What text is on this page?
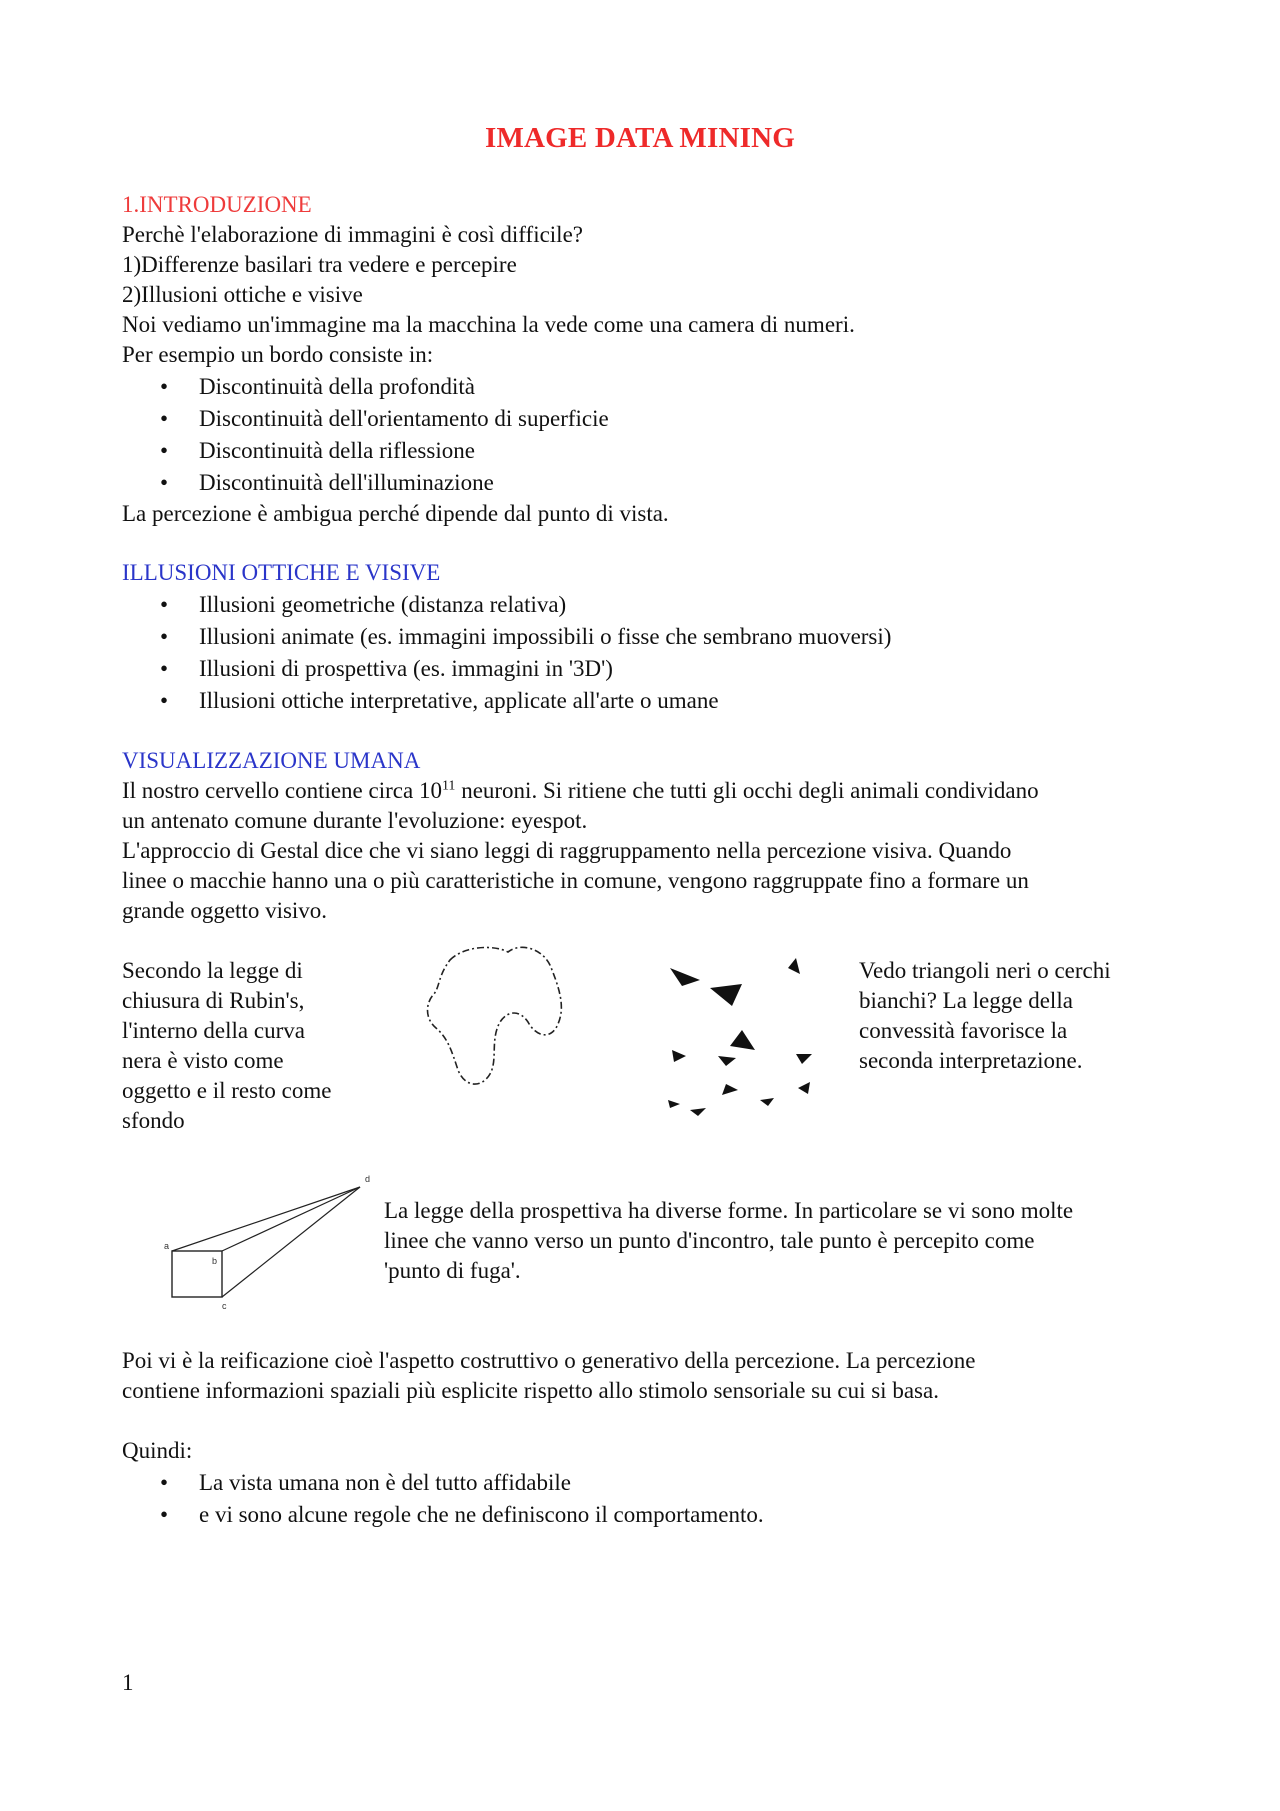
IMAGE DATA MINING
1.INTRODUZIONE
Perchè l'elaborazione di immagini è così difficile?
1)Differenze basilari tra vedere e percepire
2)Illusioni ottiche e visive
Noi vediamo un'immagine ma la macchina la vede come una camera di numeri.
Per esempio un bordo consiste in:
• Discontinuità della profondità
• Discontinuità dell'orientamento di superficie
• Discontinuità della riflessione
• Discontinuità dell'illuminazione
La percezione è ambigua perché dipende dal punto di vista.
ILLUSIONI OTTICHE E VISIVE
• Illusioni geometriche (distanza relativa)
• Illusioni animate (es. immagini impossibili o fisse che sembrano muoversi)
• Illusioni di prospettiva (es. immagini in '3D')
• Illusioni ottiche interpretative, applicate all'arte o umane
VISUALIZZAZIONE UMANA
Il nostro cervello contiene circa $10^{11}$ neuroni. Si ritiene che tutti gli occhi degli animali condividano
un antenato comune durante l'evoluzione: eyespot.
L'approccio di Gestal dice che vi siano leggi di raggruppamento nella percezione visiva. Quando
linee o macchie hanno una o più caratteristiche in comune, vengono raggruppate fino a formare un
grande oggetto visivo.
Secondo la legge di
chiusura di Rubin's,
l'interno della curva
nera è visto come
oggetto e il resto come
sfondo
Vedo triangoli neri o cerchi
bianchi? La legge della
convessità favorisce la
seconda interpretazione.
a
b
c
d
La legge della prospettiva ha diverse forme. In particolare se vi sono molte
linee che vanno verso un punto d'incontro, tale punto è percepito come
'punto di fuga'.
Poi vi è la reificazione cioè l'aspetto costruttivo o generativo della percezione. La percezione
contiene informazioni spaziali più esplicite rispetto allo stimolo sensoriale su cui si basa.
Quindi:
• La vista umana non è del tutto affidabile
• e vi sono alcune regole che ne definiscono il comportamento.
1
